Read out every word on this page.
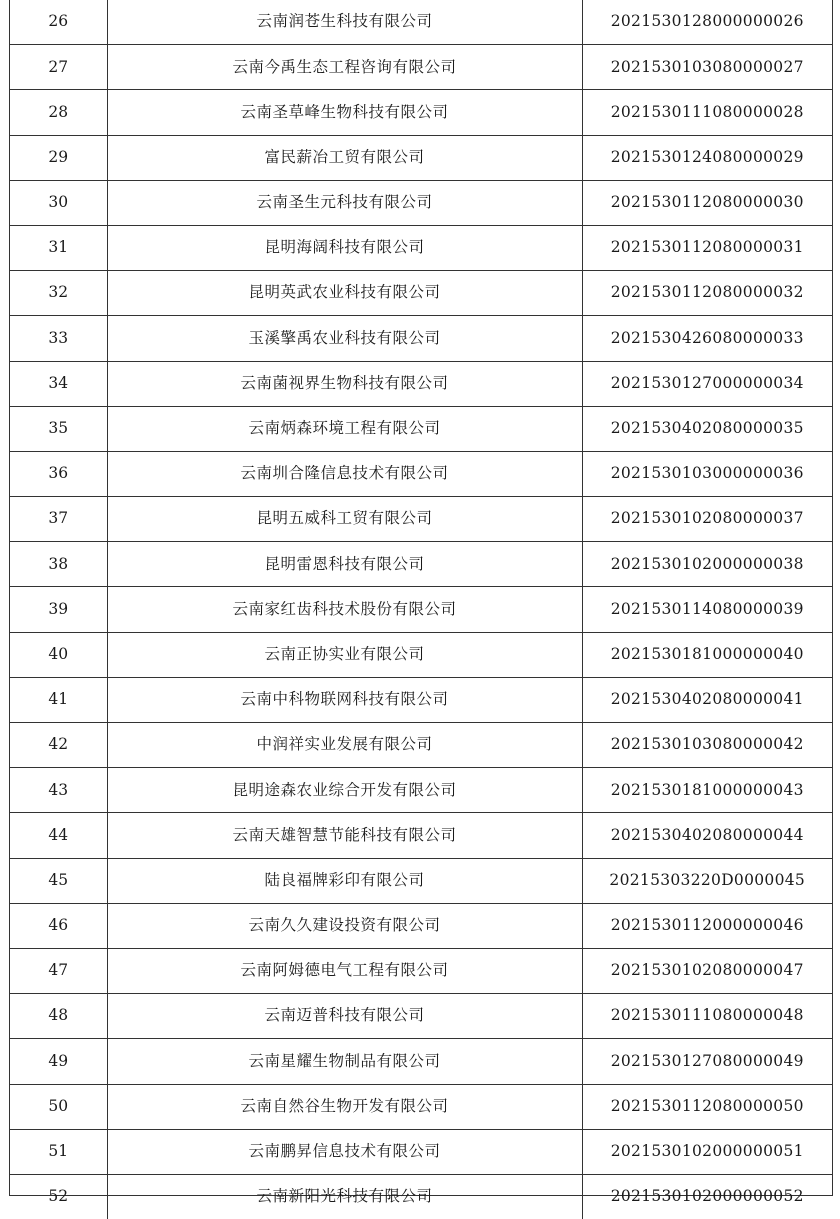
26	云南润苍生科技有限公司	2021530128000000026
27	云南今禹生态工程咨询有限公司	2021530103080000027
28	云南圣草峰生物科技有限公司	2021530111080000028
29	富民薪冶工贸有限公司	2021530124080000029
30	云南圣生元科技有限公司	2021530112080000030
31	昆明海阔科技有限公司	2021530112080000031
32	昆明英武农业科技有限公司	2021530112080000032
33	玉溪擎禹农业科技有限公司	2021530426080000033
34	云南菌视界生物科技有限公司	2021530127000000034
35	云南炳森环境工程有限公司	2021530402080000035
36	云南圳合隆信息技术有限公司	2021530103000000036
37	昆明五威科工贸有限公司	2021530102080000037
38	昆明雷恩科技有限公司	2021530102000000038
39	云南家红齿科技术股份有限公司	2021530114080000039
40	云南正协实业有限公司	2021530181000000040
41	云南中科物联网科技有限公司	2021530402080000041
42	中润祥实业发展有限公司	2021530103080000042
43	昆明途森农业综合开发有限公司	2021530181000000043
44	云南天雄智慧节能科技有限公司	2021530402080000044
45	陆良福牌彩印有限公司	20215303220D0000045
46	云南久久建设投资有限公司	2021530112000000046
47	云南阿姆德电气工程有限公司	2021530102080000047
48	云南迈普科技有限公司	2021530111080000048
49	云南星耀生物制品有限公司	2021530127080000049
50	云南自然谷生物开发有限公司	2021530112080000050
51	云南鹏昇信息技术有限公司	2021530102000000051
52	云南新阳光科技有限公司	2021530102000000052
